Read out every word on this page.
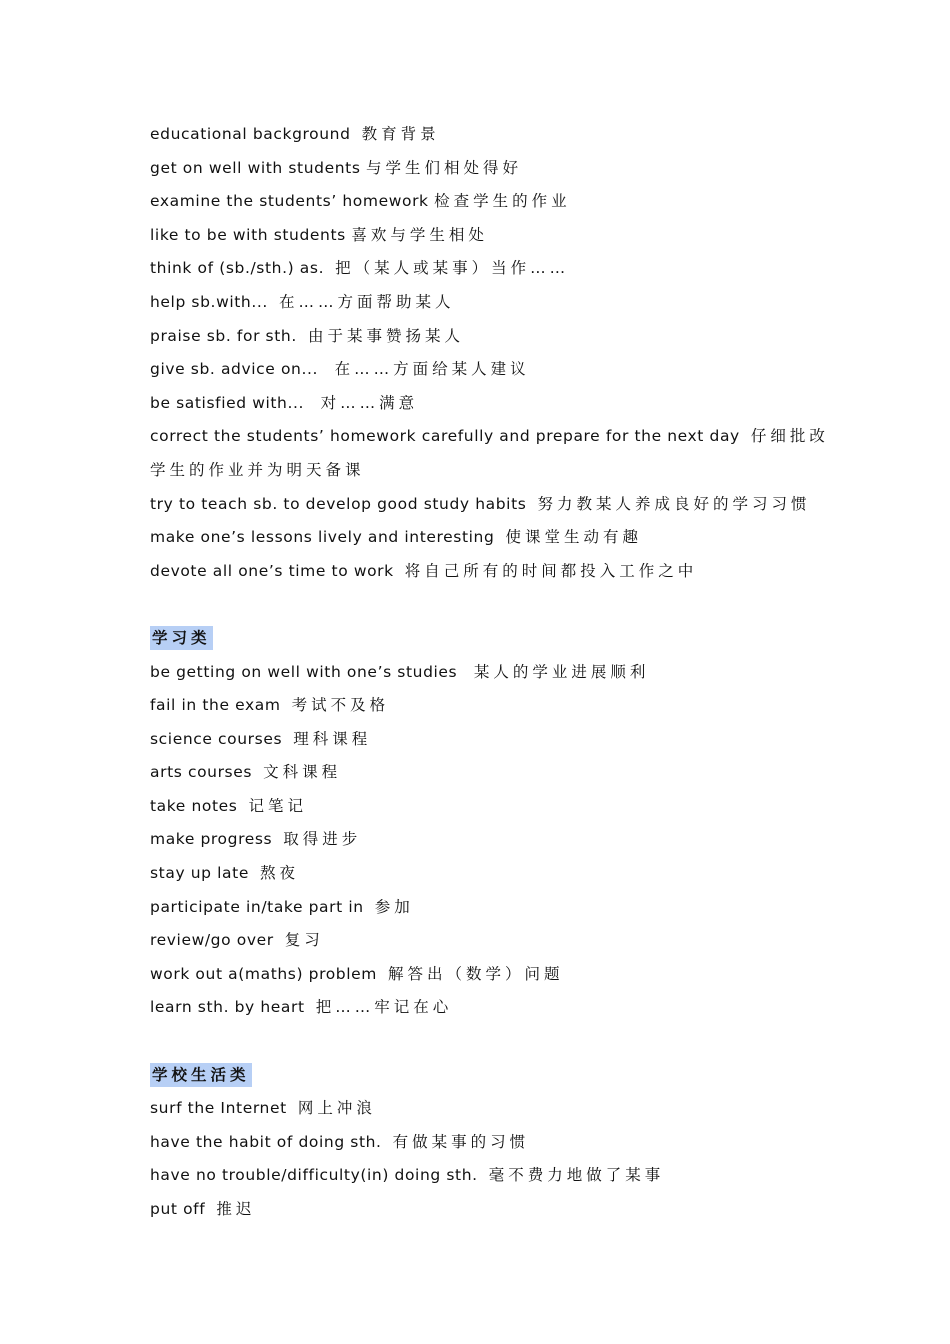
educational background 教育背景
get on well with students 与学生们相处得好
examine the students’ homework 检查学生的作业
like to be with students 喜欢与学生相处
think of (sb./sth.) as. 把（某人或某事）当作……
help sb.with... 在……方面帮助某人
praise sb. for sth. 由于某事赞扬某人
give sb. advice on... 在……方面给某人建议
be satisfied with... 对……满意
correct the students’ homework carefully and prepare for the next day 仔细批改学生的作业并为明天备课
try to teach sb. to develop good study habits 努力教某人养成良好的学习习惯
make one’s lessons lively and interesting 使课堂生动有趣
devote all one’s time to work 将自己所有的时间都投入工作之中
学习类
be getting on well with one’s studies 某人的学业进展顺利
fail in the exam 考试不及格
science courses 理科课程
arts courses 文科课程
take notes 记笔记
make progress 取得进步
stay up late 熬夜
participate in/take part in 参加
review/go over 复习
work out a(maths) problem 解答出（数学）问题
learn sth. by heart 把……牢记在心
学校生活类
surf the Internet 网上冲浪
have the habit of doing sth. 有做某事的习惯
have no trouble/difficulty(in) doing sth. 毫不费力地做了某事
put off 推迟
